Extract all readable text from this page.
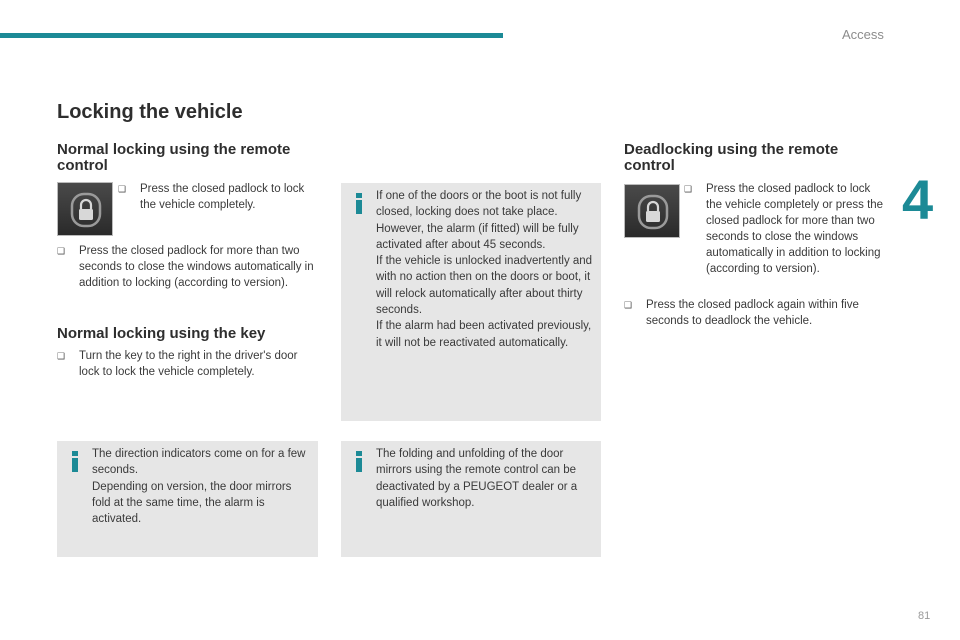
Access
4
81
Locking the vehicle
Normal locking using the remote control
❑	Press the closed padlock to lock the vehicle completely.
❑	Press the closed padlock for more than two seconds to close the windows automatically in addition to locking (according to version).
Normal locking using the key
❑	Turn the key to the right in the driver's door lock to lock the vehicle completely.
The direction indicators come on for a few seconds.
Depending on version, the door mirrors fold at the same time, the alarm is activated.
If one of the doors or the boot is not fully closed, locking does not take place.
However, the alarm (if fitted) will be fully activated after about 45 seconds.
If the vehicle is unlocked inadvertently and with no action then on the doors or boot, it will relock automatically after about thirty seconds.
If the alarm had been activated previously, it will not be reactivated automatically.
The folding and unfolding of the door mirrors using the remote control can be deactivated by a PEUGEOT dealer or a qualified workshop.
Deadlocking using the remote control
❑	Press the closed padlock to lock the vehicle completely or press the closed padlock for more than two seconds to close the windows automatically in addition to locking (according to version).
❑	Press the closed padlock again within five seconds to deadlock the vehicle.
